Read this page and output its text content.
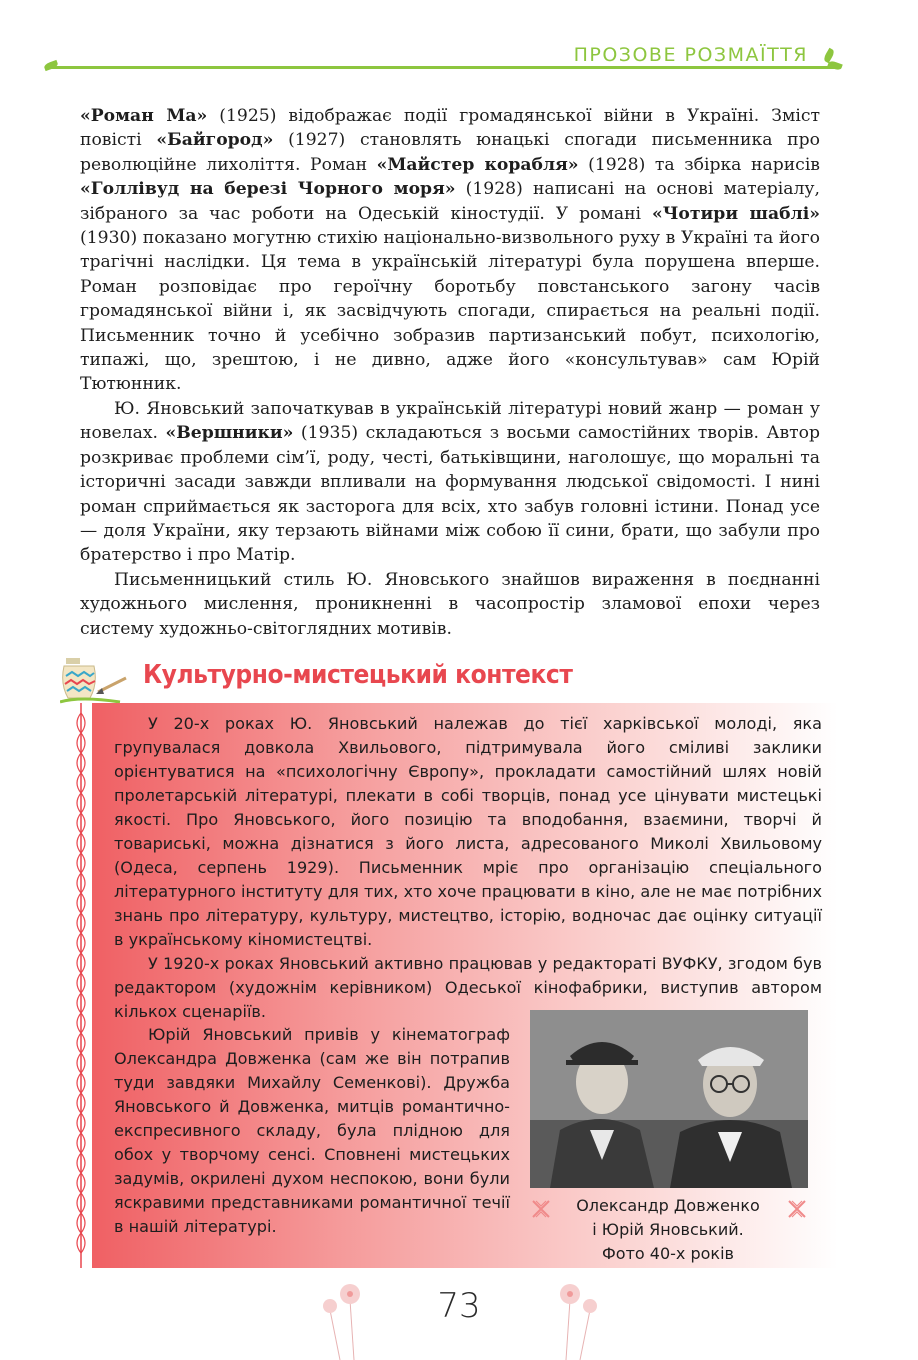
ПРОЗОВЕ РОЗМАЇТТЯ

«Роман Ма» (1925) відображає події громадянської війни в Україні. Зміст повісті «Байгород» (1927) становлять юнацькі спогади письменника про революційне лихоліття. Роман «Майстер корабля» (1928) та збірка нарисів «Голлівуд на березі Чорного моря» (1928) написані на основі матеріалу, зібраного за час роботи на Одеській кіностудії. У романі «Чотири шаблі» (1930) показано могутню стихію національно-визвольного руху в Україні та його трагічні наслідки. Ця тема в українській літературі була порушена вперше. Роман розповідає про героїчну боротьбу повстанського загону часів громадянської війни і, як засвідчують спогади, спирається на реальні події. Письменник точно й усебічно зобразив партизанський побут, психологію, типажі, що, зрештою, і не дивно, адже його «консультував» сам Юрій Тютюнник.

Ю. Яновський започаткував в українській літературі новий жанр — роман у новелах. «Вершники» (1935) складаються з восьми самостійних творів. Автор розкриває проблеми сім’ї, роду, честі, батьківщини, наголошує, що моральні та історичні засади завжди впливали на формування людської свідомості. І нині роман сприймається як засторога для всіх, хто забув головні істини. Понад усе — доля України, яку терзають війнами між собою її сини, брати, що забули про братерство і про Матір.

Письменницький стиль Ю. Яновського знайшов вираження в поєднанні художнього мислення, проникненні в часопростір зламової епохи через систему художньо-світоглядних мотивів.

Культурно-мистецький контекст

У 20-х роках Ю. Яновський належав до тієї харківської молоді, яка групувалася довкола Хвильового, підтримувала його сміливі заклики орієнтуватися на «психологічну Європу», прокладати самостійний шлях новій пролетарській літературі, плекати в собі творців, понад усе цінувати мистецькі якості. Про Яновського, його позицію та вподобання, взаємини, творчі й товариські, можна дізнатися з його листа, адресованого Миколі Хвильовому (Одеса, серпень 1929). Письменник мріє про організацію спеціального літературного інституту для тих, хто хоче працювати в кіно, але не має потрібних знань про літературу, культуру, мистецтво, історію, водночас дає оцінку ситуації в українському кіномистецтві.

У 1920-х роках Яновський активно працював у редакторатi ВУФКУ, згодом був редактором (художнім керівником) Одеської кінофабрики, виступив автором кількох сценаріїв.

Юрій Яновський привів у кінематограф Олександра Довженка (сам же він потрапив туди завдяки Михайлу Семенкові). Дружба Яновського й Довженка, митців романтично-експресивного складу, була плідною для обох у творчому сенсі. Сповнені мистецьких задумів, окрилені духом неспокою, вони були яскравими представниками романтичної течії в нашій літературі.

Олександр Довженко
і Юрій Яновський.
Фото 40-х років
73
